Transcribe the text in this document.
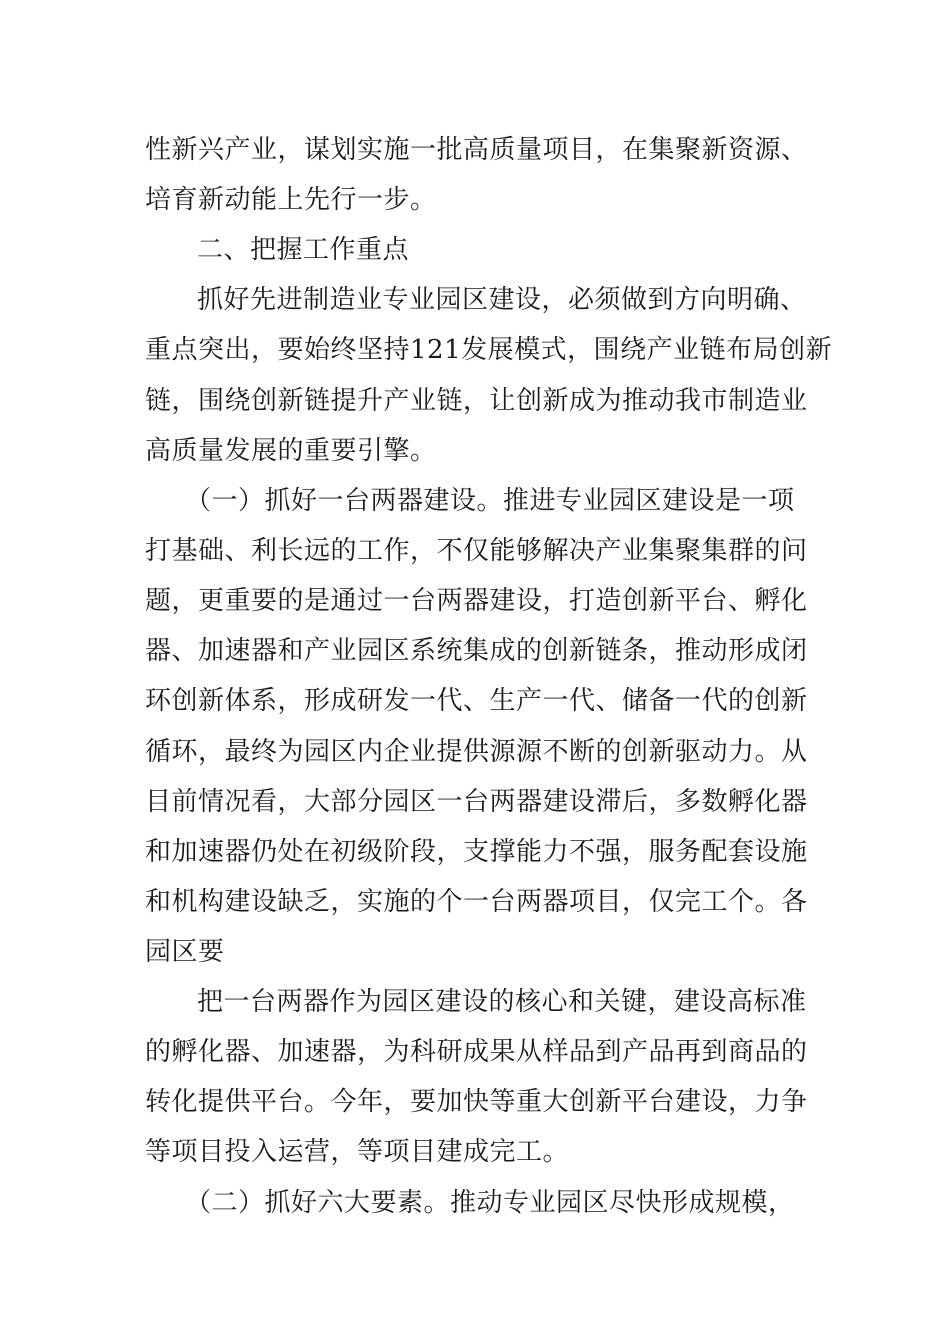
性新兴产业，谋划实施一批高质量项目，在集聚新资源、
培育新动能上先行一步。
二、把握工作重点
抓好先进制造业专业园区建设，必须做到方向明确、
重点突出，要始终坚持121发展模式，围绕产业链布局创新
链，围绕创新链提升产业链，让创新成为推动我市制造业
高质量发展的重要引擎。
（一）抓好一台两器建设。推进专业园区建设是一项
打基础、利长远的工作，不仅能够解决产业集聚集群的问
题，更重要的是通过一台两器建设，打造创新平台、孵化
器、加速器和产业园区系统集成的创新链条，推动形成闭
环创新体系，形成研发一代、生产一代、储备一代的创新
循环，最终为园区内企业提供源源不断的创新驱动力。从
目前情况看，大部分园区一台两器建设滞后，多数孵化器
和加速器仍处在初级阶段，支撑能力不强，服务配套设施
和机构建设缺乏，实施的个一台两器项目，仅完工个。各
园区要
把一台两器作为园区建设的核心和关键，建设高标准
的孵化器、加速器，为科研成果从样品到产品再到商品的
转化提供平台。今年，要加快等重大创新平台建设，力争
等项目投入运营，等项目建成完工。
（二）抓好六大要素。推动专业园区尽快形成规模，
